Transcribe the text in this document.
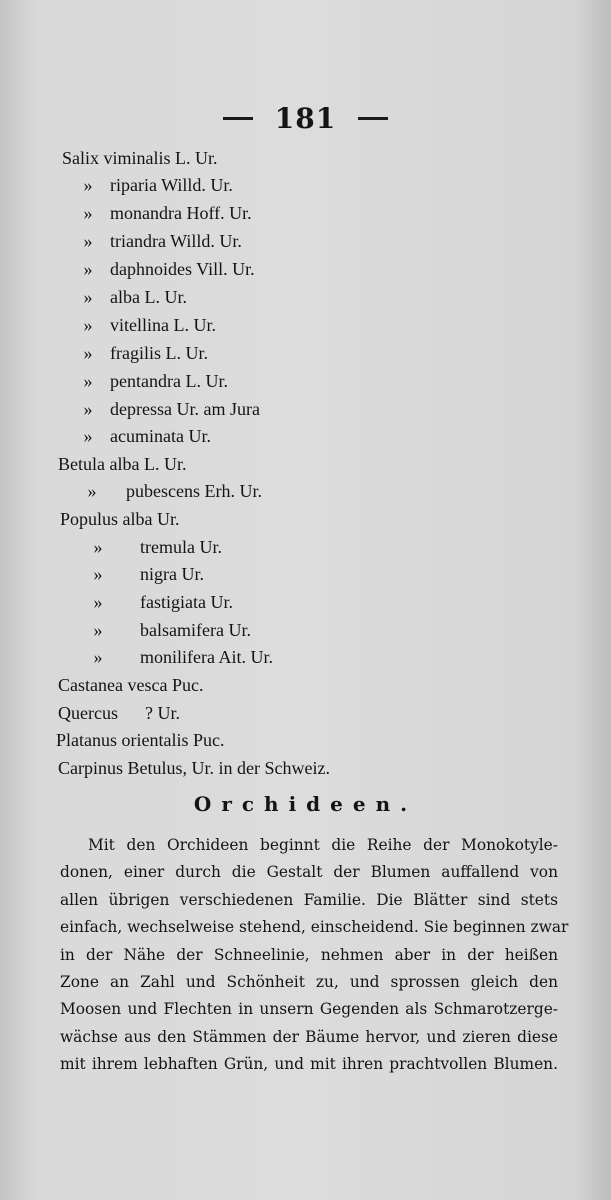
181
Salix viminalis L. Ur.
» riparia Willd. Ur.
» monandra Hoff. Ur.
» triandra Willd. Ur.
» daphnoides Vill. Ur.
» alba L. Ur.
» vitellina L. Ur.
» fragilis L. Ur.
» pentandra L. Ur.
» depressa Ur. am Jura
» acuminata Ur.
Betula alba L. Ur.
»	pubescens Erh. Ur.
Populus alba Ur.
»	tremula Ur.
»	nigra Ur.
»	fastigiata Ur.
»	balsamifera Ur.
»	monilifera Ait. Ur.
Castanea vesca Puc.
Quercus      ? Ur.
Platanus orientalis Puc.
Carpinus Betulus, Ur. in der Schweiz.
Orchideen.
Mit den Orchideen beginnt die Reihe der Monokotyle-
donen, einer durch die Gestalt der Blumen auffallend von
allen übrigen verschiedenen Familie. Die Blätter sind stets
einfach, wechselweise stehend, einscheidend. Sie beginnen zwar
in der Nähe der Schneelinie, nehmen aber in der heißen
Zone an Zahl und Schönheit zu, und sprossen gleich den
Moosen und Flechten in unsern Gegenden als Schmarotzerge-
wächse aus den Stämmen der Bäume hervor, und zieren diese
mit ihrem lebhaften Grün, und mit ihren prachtvollen Blumen.
